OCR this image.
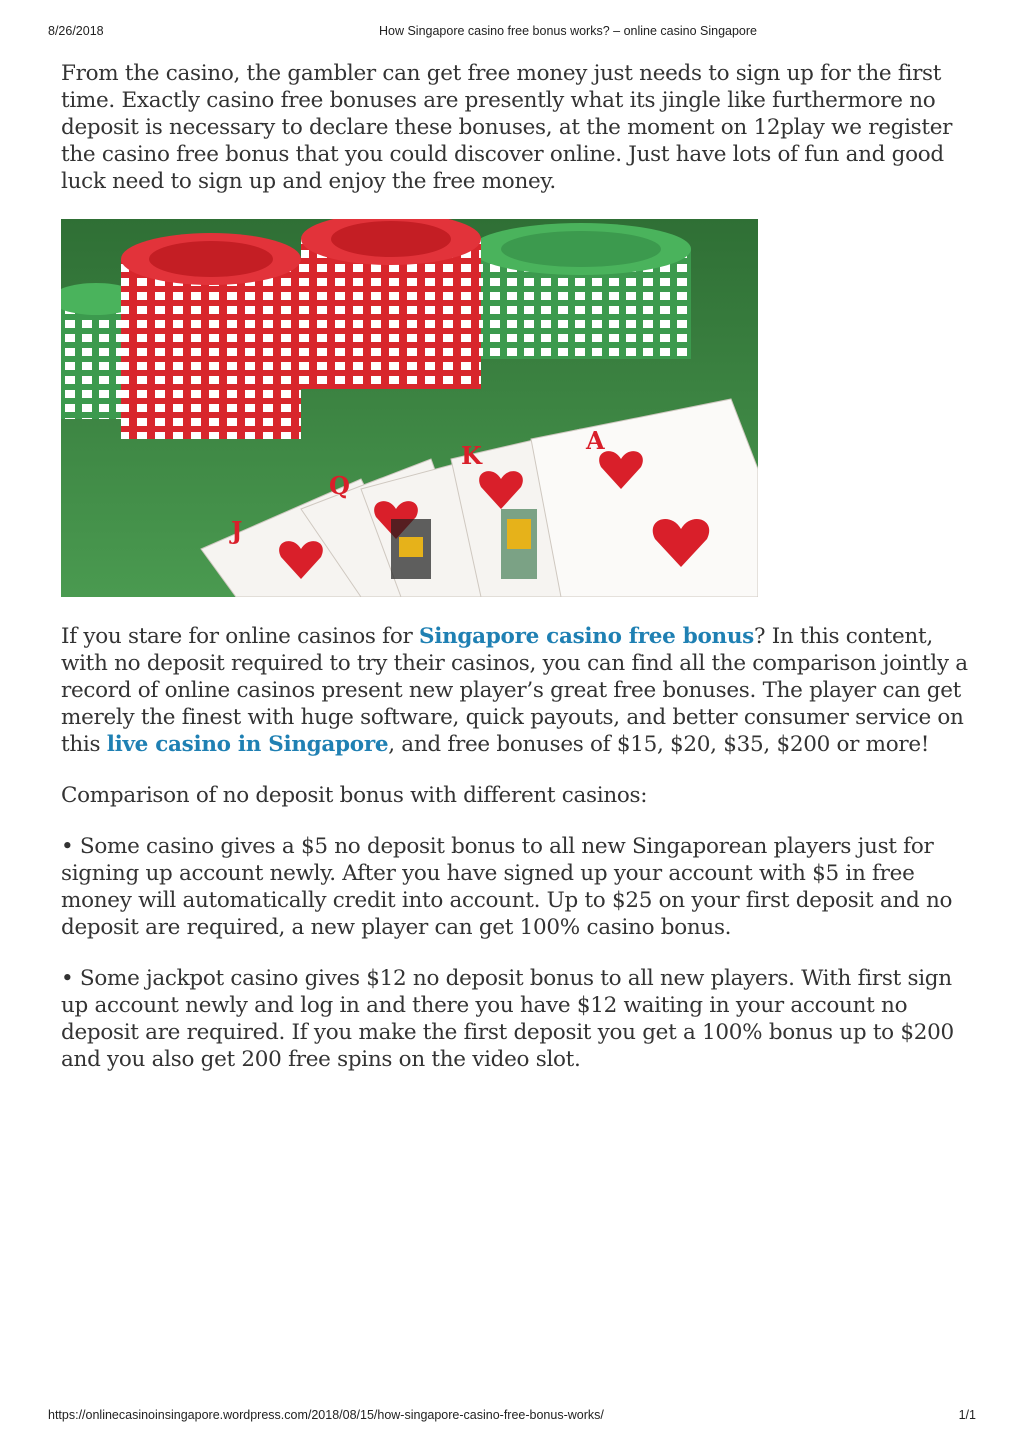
8/26/2018	How Singapore casino free bonus works? – online casino Singapore

From the casino, the gambler can get free money just needs to sign up for the first time. Exactly casino free bonuses are presently what its jingle like furthermore no deposit is necessary to declare these bonuses, at the moment on 12play we register the casino free bonus that you could discover online. Just have lots of fun and good luck need to sign up and enjoy the free money.

J
Q
K
A

If you stare for online casinos for Singapore casino free bonus? In this content, with no deposit required to try their casinos, you can find all the comparison jointly a record of online casinos present new player’s great free bonuses. The player can get merely the finest with huge software, quick payouts, and better consumer service on this live casino in Singapore, and free bonuses of $15, $20, $35, $200 or more!

Comparison of no deposit bonus with different casinos:

• Some casino gives a $5 no deposit bonus to all new Singaporean players just for signing up account newly. After you have signed up your account with $5 in free money will automatically credit into account. Up to $25 on your first deposit and no deposit are required, a new player can get 100% casino bonus.

• Some jackpot casino gives $12 no deposit bonus to all new players. With first sign up account newly and log in and there you have $12 waiting in your account no deposit are required. If you make the first deposit you get a 100% bonus up to $200 and you also get 200 free spins on the video slot.

https://onlinecasinoinsingapore.wordpress.com/2018/08/15/how-singapore-casino-free-bonus-works/	1/1
